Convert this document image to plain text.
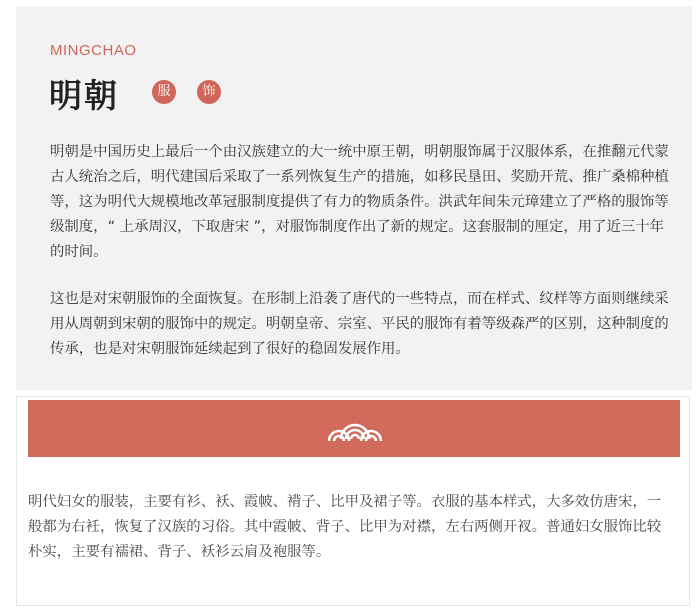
MINGCHAO
明朝	服	饰

明朝是中国历史上最后一个由汉族建立的大一统中原王朝，明朝服饰属于汉服体系，在推翻元代蒙古人统治之后，明代建国后采取了一系列恢复生产的措施，如移民垦田、奖励开荒、推广桑棉种植等，这为明代大规模地改革冠服制度提供了有力的物质条件。洪武年间朱元璋建立了严格的服饰等级制度，“ 上承周汉，下取唐宋 ”，对服饰制度作出了新的规定。这套服制的厘定，用了近三十年的时间。

这也是对宋朝服饰的全面恢复。在形制上沿袭了唐代的一些特点，而在样式、纹样等方面则继续采用从周朝到宋朝的服饰中的规定。明朝皇帝、宗室、平民的服饰有着等级森严的区别，这种制度的传承，也是对宋朝服饰延续起到了很好的稳固发展作用。

明代妇女的服装，主要有衫、袄、霞帔、褙子、比甲及裙子等。衣服的基本样式，大多效仿唐宋，一般都为右衽，恢复了汉族的习俗。其中霞帔、背子、比甲为对襟，左右两侧开衩。普通妇女服饰比较朴实，主要有襦裙、背子、袄衫云肩及袍服等。
